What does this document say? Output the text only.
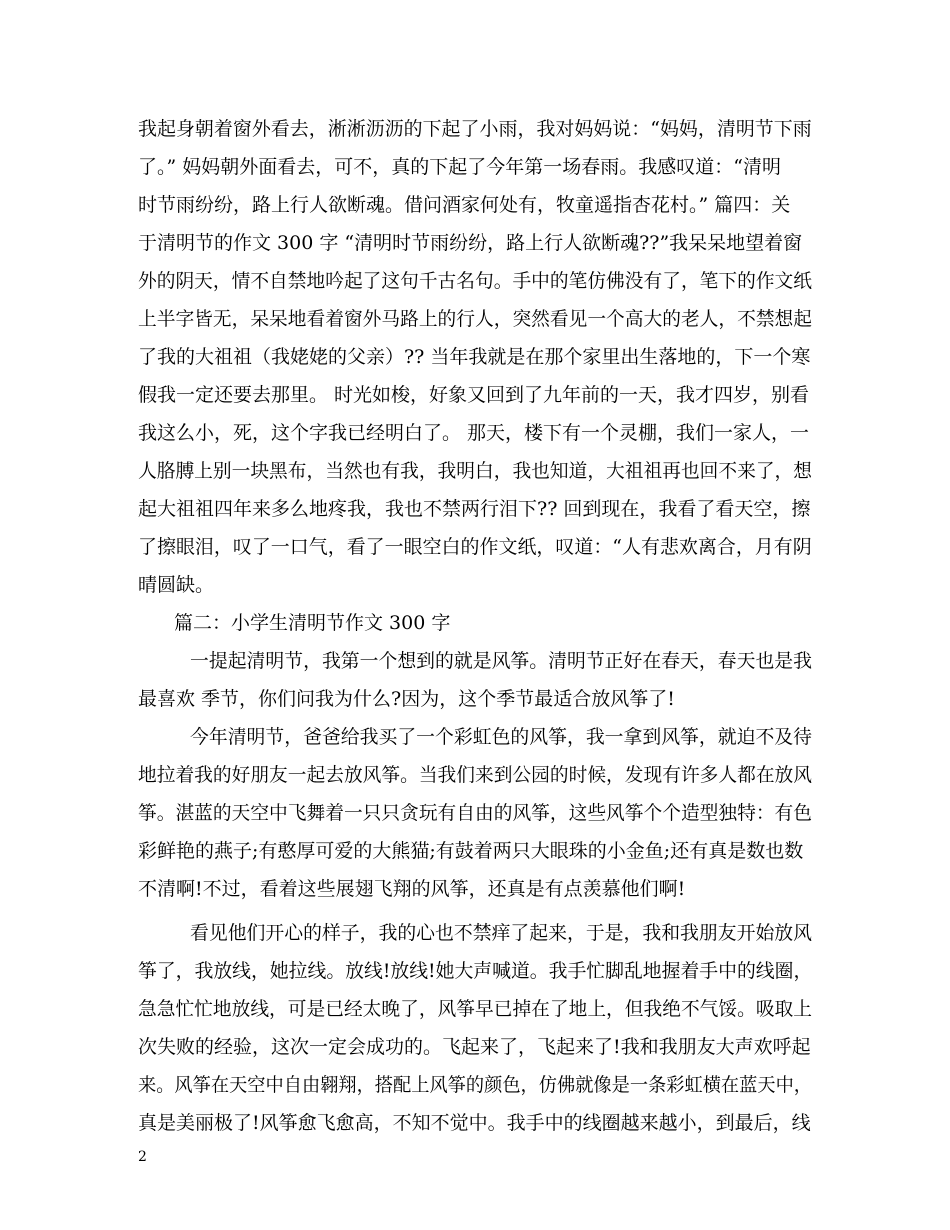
我起身朝着窗外看去，淅淅沥沥的下起了小雨，我对妈妈说：“妈妈，清明节下雨
了。” 妈妈朝外面看去，可不，真的下起了今年第一场春雨。我感叹道：“清明
时节雨纷纷，路上行人欲断魂。借问酒家何处有，牧童遥指杏花村。” 篇四：关
于清明节的作文 300 字 “清明时节雨纷纷，路上行人欲断魂??”我呆呆地望着窗
外的阴天，情不自禁地吟起了这句千古名句。手中的笔仿佛没有了，笔下的作文纸
上半字皆无，呆呆地看着窗外马路上的行人，突然看见一个高大的老人，不禁想起
了我的大祖祖（我姥姥的父亲）?? 当年我就是在那个家里出生落地的，下一个寒
假我一定还要去那里。 时光如梭，好象又回到了九年前的一天，我才四岁，别看
我这么小，死，这个字我已经明白了。 那天，楼下有一个灵棚，我们一家人，一
人胳膊上别一块黑布，当然也有我，我明白，我也知道，大祖祖再也回不来了，想
起大祖祖四年来多么地疼我，我也不禁两行泪下?? 回到现在，我看了看天空，擦
了擦眼泪，叹了一口气，看了一眼空白的作文纸，叹道：“人有悲欢离合，月有阴
晴圆缺。
篇二：小学生清明节作文 300 字
一提起清明节，我第一个想到的就是风筝。清明节正好在春天，春天也是我
最喜欢 季节，你们问我为什么?因为，这个季节最适合放风筝了!
今年清明节，爸爸给我买了一个彩虹色的风筝，我一拿到风筝，就迫不及待
地拉着我的好朋友一起去放风筝。当我们来到公园的时候，发现有许多人都在放风
筝。湛蓝的天空中飞舞着一只只贪玩有自由的风筝，这些风筝个个造型独特：有色
彩鲜艳的燕子;有憨厚可爱的大熊猫;有鼓着两只大眼珠的小金鱼;还有真是数也数
不清啊!不过，看着这些展翅飞翔的风筝，还真是有点羡慕他们啊!
看见他们开心的样子，我的心也不禁痒了起来，于是，我和我朋友开始放风
筝了，我放线，她拉线。放线!放线!她大声喊道。我手忙脚乱地握着手中的线圈，
急急忙忙地放线，可是已经太晚了，风筝早已掉在了地上，但我绝不气馁。吸取上
次失败的经验，这次一定会成功的。飞起来了，飞起来了!我和我朋友大声欢呼起
来。风筝在天空中自由翱翔，搭配上风筝的颜色，仿佛就像是一条彩虹横在蓝天中，
真是美丽极了!风筝愈飞愈高，不知不觉中。我手中的线圈越来越小，到最后，线
2
